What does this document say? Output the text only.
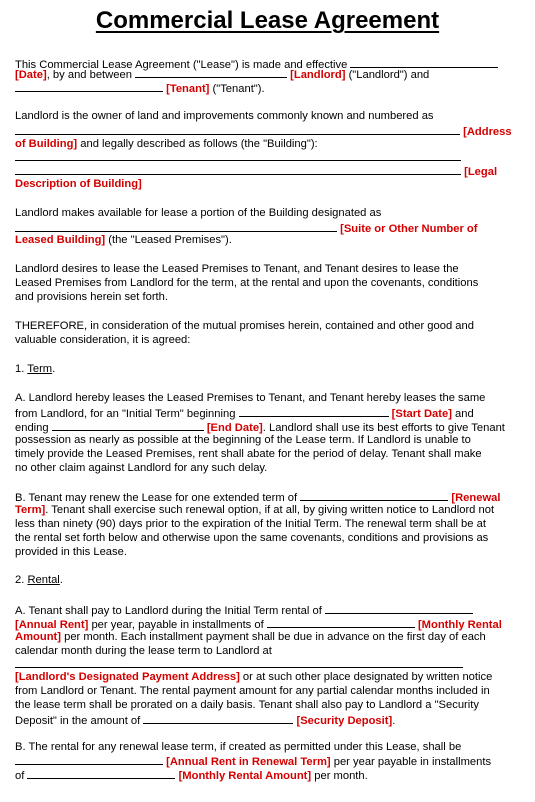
Commercial Lease Agreement
This Commercial Lease Agreement ("Lease") is made and effective
[Date], by and between	[Landlord] ("Landlord") and
[Tenant] ("Tenant").
Landlord is the owner of land and improvements commonly known and numbered as
[Address
of Building] and legally described as follows (the "Building"):
[Legal
Description of Building]
Landlord makes available for lease a portion of the Building designated as
[Suite or Other Number of
Leased Building] (the "Leased Premises").
Landlord desires to lease the Leased Premises to Tenant, and Tenant desires to lease the
Leased Premises from Landlord for the term, at the rental and upon the covenants, conditions
and provisions herein set forth.
THEREFORE, in consideration of the mutual promises herein, contained and other good and
valuable consideration, it is agreed:
1. Term.
A. Landlord hereby leases the Leased Premises to Tenant, and Tenant hereby leases the same
from Landlord, for an "Initial Term" beginning	[Start Date] and
ending	[End Date]. Landlord shall use its best efforts to give Tenant
possession as nearly as possible at the beginning of the Lease term. If Landlord is unable to
timely provide the Leased Premises, rent shall abate for the period of delay. Tenant shall make
no other claim against Landlord for any such delay.
B. Tenant may renew the Lease for one extended term of	[Renewal
Term]. Tenant shall exercise such renewal option, if at all, by giving written notice to Landlord not
less than ninety (90) days prior to the expiration of the Initial Term. The renewal term shall be at
the rental set forth below and otherwise upon the same covenants, conditions and provisions as
provided in this Lease.
2. Rental.
A. Tenant shall pay to Landlord during the Initial Term rental of
[Annual Rent] per year, payable in installments of	[Monthly Rental
Amount] per month. Each installment payment shall be due in advance on the first day of each
calendar month during the lease term to Landlord at
[Landlord's Designated Payment Address] or at such other place designated by written notice
from Landlord or Tenant. The rental payment amount for any partial calendar months included in
the lease term shall be prorated on a daily basis. Tenant shall also pay to Landlord a "Security
Deposit" in the amount of	[Security Deposit].
B. The rental for any renewal lease term, if created as permitted under this Lease, shall be
[Annual Rent in Renewal Term] per year payable in installments
of	[Monthly Rental Amount] per month.
